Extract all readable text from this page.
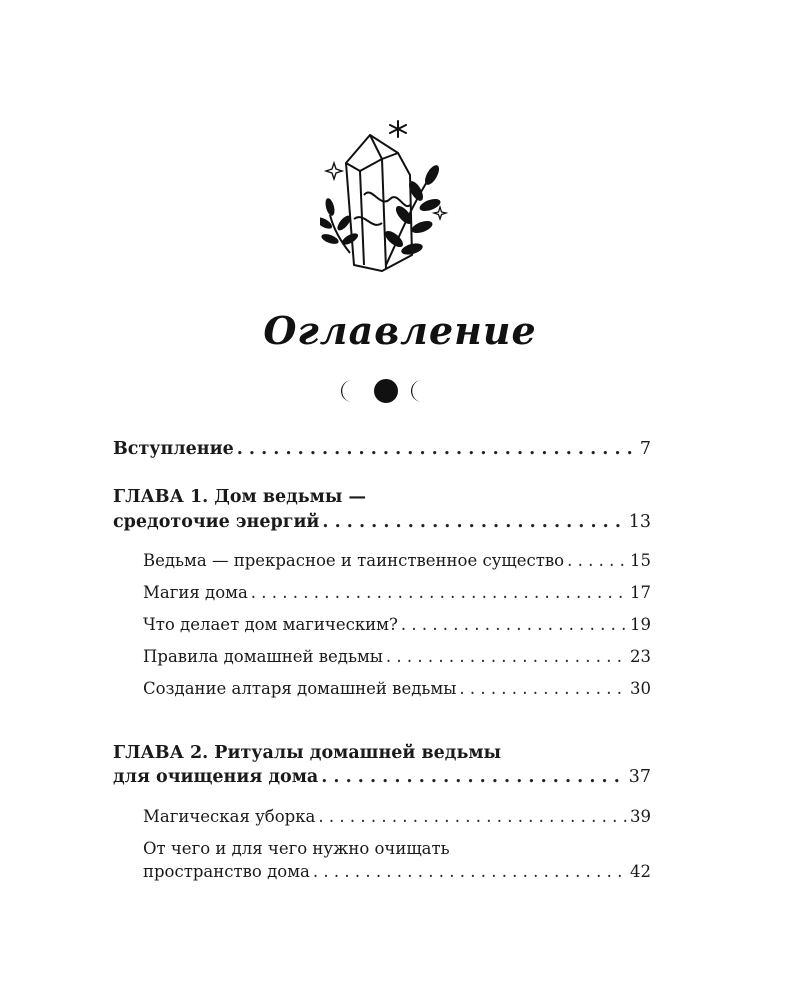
Оглавление
Вступление . . .	7
ГЛАВА 1. Дом ведьмы —
средоточие энергий . . .	13
Ведьма — прекрасное и таинственное существо . . .	15
Магия дома . . .	17
Что делает дом магическим? . . .	19
Правила домашней ведьмы . . .	23
Создание алтаря домашней ведьмы . . .	30
ГЛАВА 2. Ритуалы домашней ведьмы
для очищения дома . . .	37
Магическая уборка . . .	39
От чего и для чего нужно очищать
пространство дома . . .	42
